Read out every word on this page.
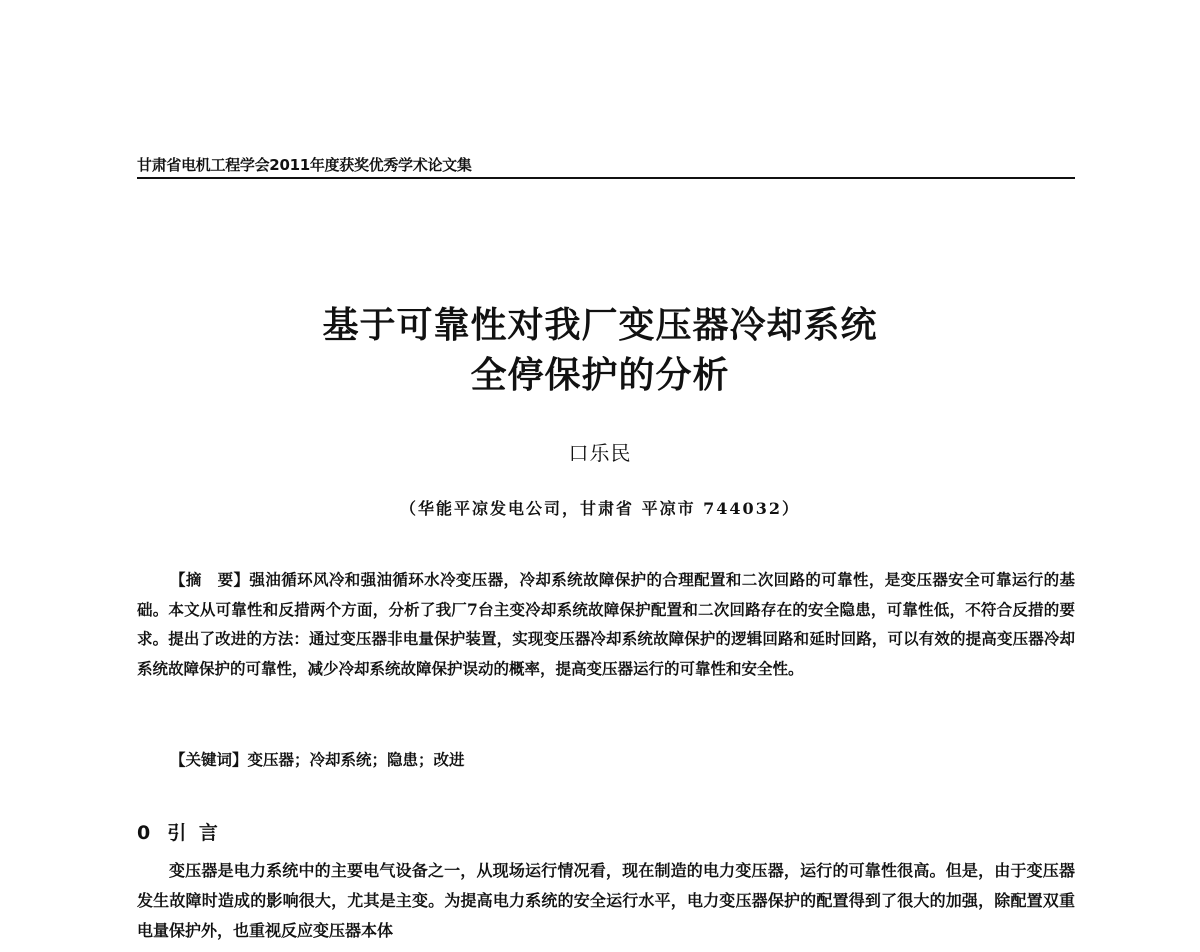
甘肃省电机工程学会2011年度获奖优秀学术论文集
基于可靠性对我厂变压器冷却系统
全停保护的分析
口乐民
（华能平凉发电公司，甘肃省 平凉市 744032）
【摘　要】强油循环风冷和强油循环水冷变压器，冷却系统故障保护的合理配置和二次回路的可靠性，是变压器安全可靠运行的基础。本文从可靠性和反措两个方面，分析了我厂7台主变冷却系统故障保护配置和二次回路存在的安全隐患，可靠性低，不符合反措的要求。提出了改进的方法：通过变压器非电量保护装置，实现变压器冷却系统故障保护的逻辑回路和延时回路，可以有效的提高变压器冷却系统故障保护的可靠性，减少冷却系统故障保护误动的概率，提高变压器运行的可靠性和安全性。
【关键词】变压器；冷却系统；隐患；改进
0 引 言
变压器是电力系统中的主要电气设备之一，从现场运行情况看，现在制造的电力变压器，运行的可靠性很高。但是，由于变压器发生故障时造成的影响很大，尤其是主变。为提高电力系统的安全运行水平，电力变压器保护的配置得到了很大的加强，除配置双重电量保护外，也重视反应变压器本体
